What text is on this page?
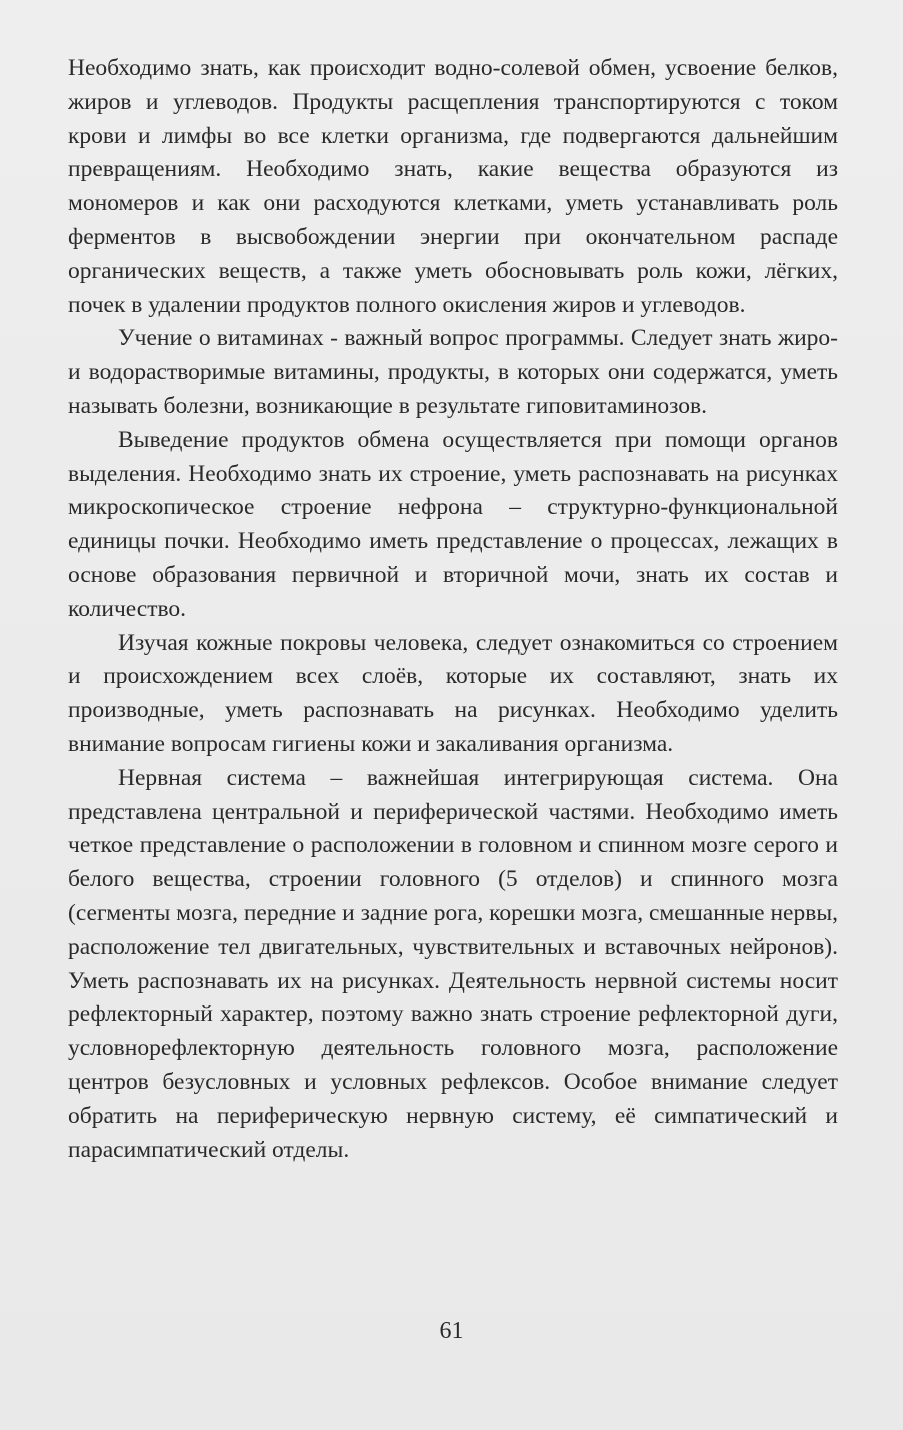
Необходимо знать, как происходит водно-солевой обмен, усвоение белков, жиров и углеводов. Продукты расщепления транспортируются с током крови и лимфы во все клетки организма, где подвергаются дальнейшим превращениям. Необходимо знать, какие вещества образуются из мономеров и как они расходуются клетками, уметь устанавливать роль ферментов в высвобождении энергии при окончательном распаде органических веществ, а также уметь обосновывать роль кожи, лёгких, почек в удалении продуктов полного окисления жиров и углеводов.

Учение о витаминах - важный вопрос программы. Следует знать жиро- и водорастворимые витамины, продукты, в которых они содержатся, уметь называть болезни, возникающие в результате гиповитаминозов.

Выведение продуктов обмена осуществляется при помощи органов выделения. Необходимо знать их строение, уметь распознавать на рисунках микроскопическое строение нефрона – структурно-функциональной единицы почки. Необходимо иметь представление о процессах, лежащих в основе образования первичной и вторичной мочи, знать их состав и количество.

Изучая кожные покровы человека, следует ознакомиться со строением и происхождением всех слоёв, которые их составляют, знать их производные, уметь распознавать на рисунках. Необходимо уделить внимание вопросам гигиены кожи и закаливания организма.

Нервная система – важнейшая интегрирующая система. Она представлена центральной и периферической частями. Необходимо иметь четкое представление о расположении в головном и спинном мозге серого и белого вещества, строении головного (5 отделов) и спинного мозга (сегменты мозга, передние и задние рога, корешки мозга, смешанные нервы, расположение тел двигательных, чувствительных и вставочных нейронов). Уметь распознавать их на рисунках. Деятельность нервной системы носит рефлекторный характер, поэтому важно знать строение рефлекторной дуги, условнорефлекторную деятельность головного мозга, расположение центров безусловных и условных рефлексов. Особое внимание следует обратить на периферическую нервную систему, её симпатический и парасимпатический отделы.

61
